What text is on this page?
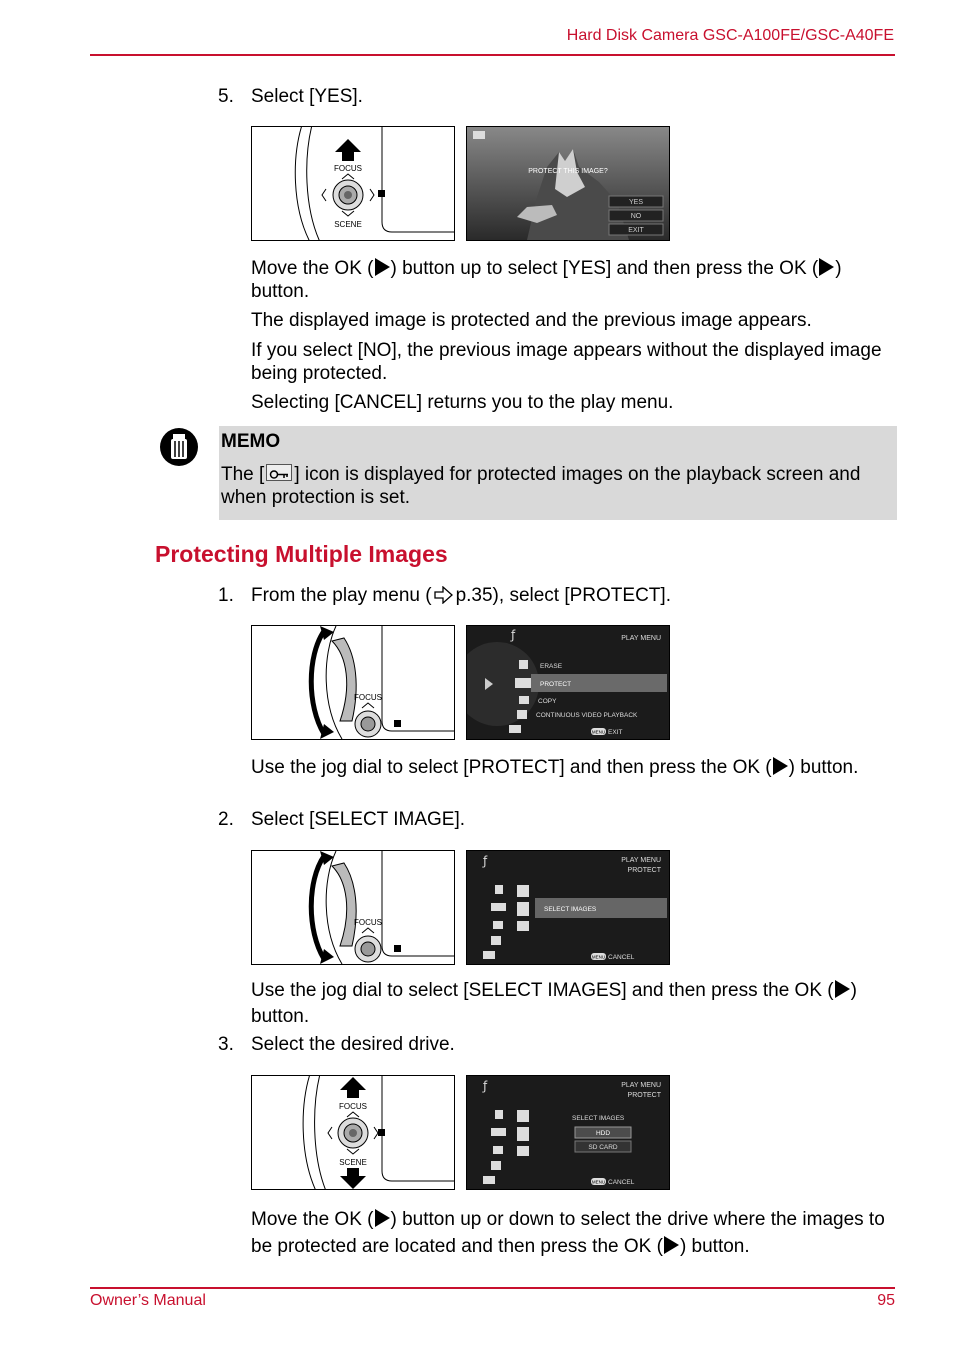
Hard Disk Camera GSC-A100FE/GSC-A40FE
5. Select [YES].
FOCUS
SCENE
PROTECT THIS IMAGE?
YES
NO
EXIT
Move the OK ( ) button up to select [YES] and then press the OK ( ) button.
The displayed image is protected and the previous image appears.
If you select [NO], the previous image appears without the displayed image being protected.
Selecting [CANCEL] returns you to the play menu.
MEMO
The [ ] icon is displayed for protected images on the playback screen and when protection is set.
Protecting Multiple Images
1. From the play menu ( p.35), select [PROTECT].
FOCUS
ƒ	PLAY MENU
ERASE
PROTECT
COPY
CONTINUOUS VIDEO PLAYBACK
MENU EXIT
Use the jog dial to select [PROTECT] and then press the OK ( ) button.
2. Select [SELECT IMAGE].
FOCUS
ƒ	PLAY MENU
PROTECT
SELECT IMAGES
MENU CANCEL
Use the jog dial to select [SELECT IMAGES] and then press the OK ( ) button.
3. Select the desired drive.
FOCUS
SCENE
ƒ	PLAY MENU
PROTECT
SELECT IMAGES
HDD
SD CARD
MENU CANCEL
Move the OK ( ) button up or down to select the drive where the images to be protected are located and then press the OK ( ) button.
Owner’s Manual	95
